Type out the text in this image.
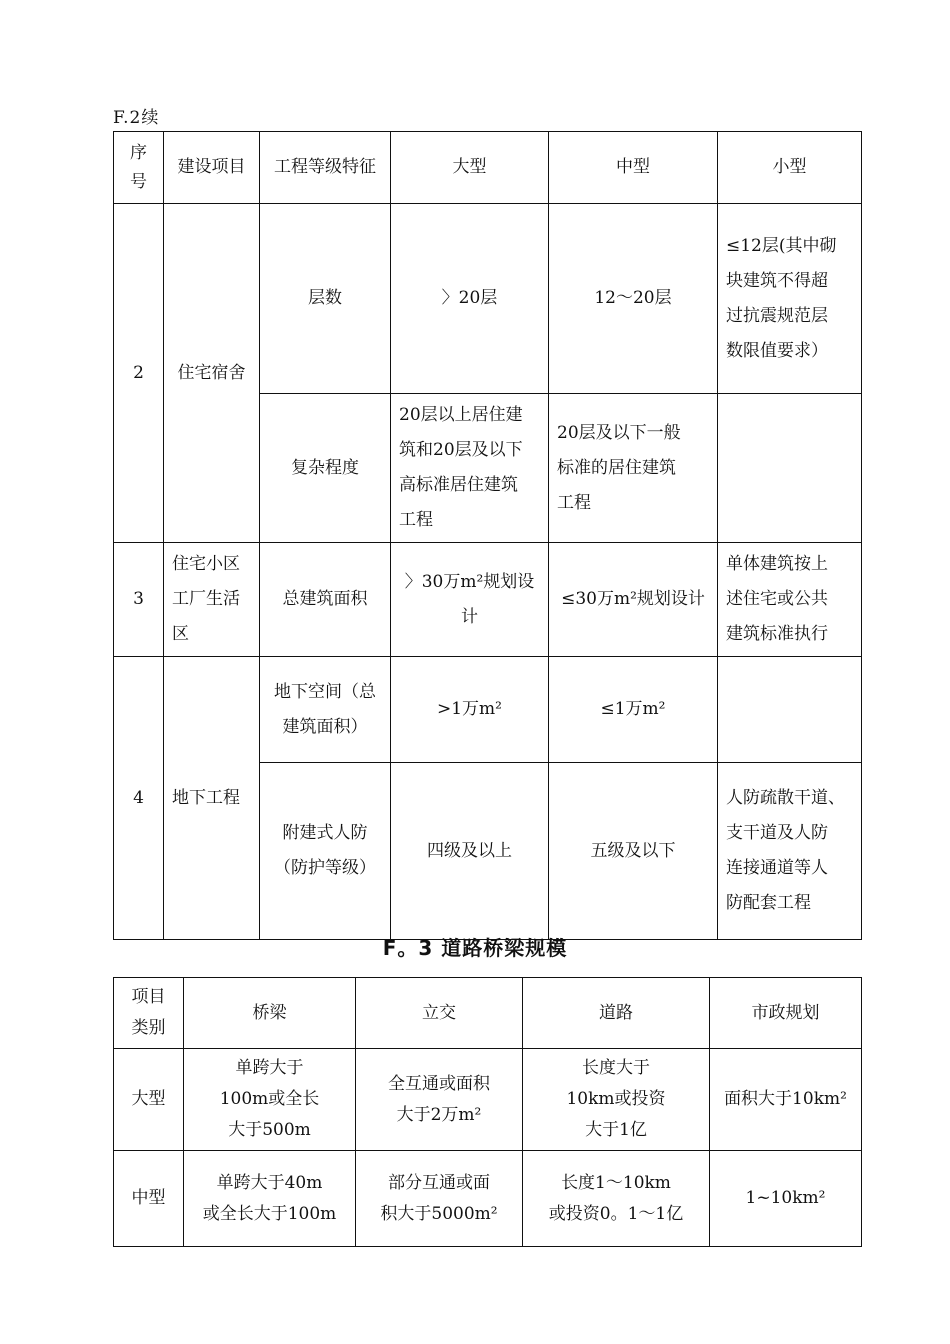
F.2续
序
号	建设项目	工程等级特征	大型	中型	小型

2	住宅宿舍	层数	〉20层	12～20层	≤12层(其中砌
块建筑不得超
过抗震规范层
数限值要求）

		复杂程度	20层以上居住建
筑和20层及以下
高标准居住建筑
工程	20层及以下一般
标准的居住建筑
工程	

3	住宅小区
工厂生活
区	总建筑面积	〉30万m²规划设计	≤30万m²规划设计	单体建筑按上
述住宅或公共
建筑标准执行

4	地下工程	地下空间（总
建筑面积）	>1万m²	≤1万m²	

		附建式人防
（防护等级）	四级及以上	五级及以下	人防疏散干道、
支干道及人防
连接通道等人
防配套工程
F。3 道路桥梁规模
项目
类别	桥梁	立交	道路	市政规划

大型	单跨大于
100m或全长
大于500m	全互通或面积
大于2万m²	长度大于
10km或投资
大于1亿	面积大于10km²

中型	单跨大于40m
或全长大于100m	部分互通或面
积大于5000m²	长度1～10km
或投资0。1～1亿	1~10km²
